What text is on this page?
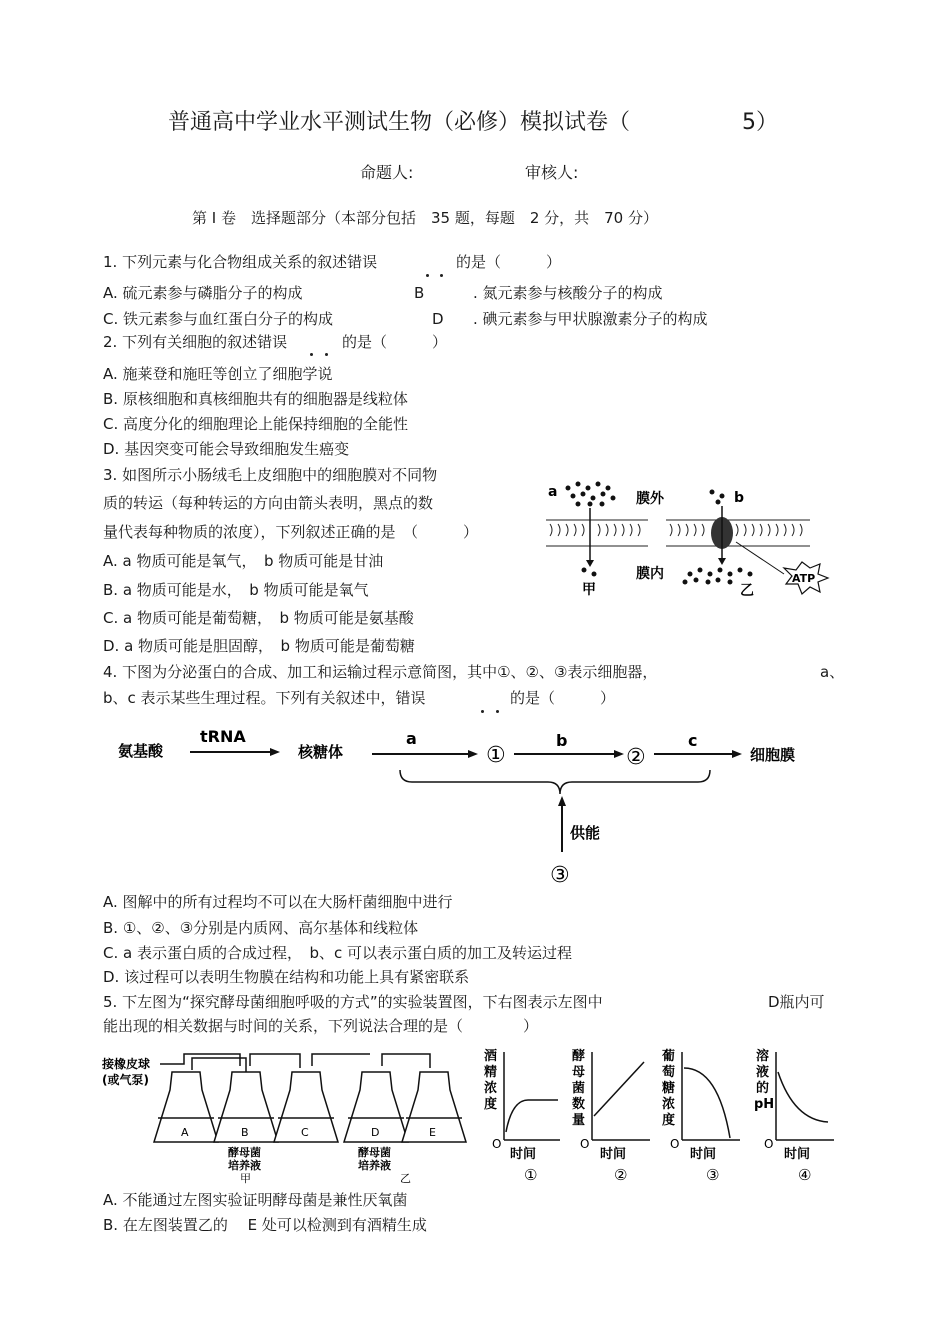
普通高中学业水平测试生物（必修）模拟试卷（	5）
命题人:	审核人:
第 Ⅰ 卷　选择题部分（本部分包括　35 题，每题　2 分，共　70 分）
1. 下列元素与化合物组成关系的叙述错误	的是（　　　）
A. 硫元素参与磷脂分子的构成	B	. 氮元素参与核酸分子的构成
C. 铁元素参与血红蛋白分子的构成	D . 碘元素参与甲状腺激素分子的构成
2. 下列有关细胞的叙述错误	的是（　　　）
A. 施莱登和施旺等创立了细胞学说
B. 原核细胞和真核细胞共有的细胞器是线粒体
C. 高度分化的细胞理论上能保持细胞的全能性
D. 基因突变可能会导致细胞发生癌变
3. 如图所示小肠绒毛上皮细胞中的细胞膜对不同物
质的转运（每种转运的方向由箭头表明，黑点的数
量代表每种物质的浓度），下列叙述正确的是　（　　　）
A. a 物质可能是氧气，　b 物质可能是甘油
B. a 物质可能是水，　b 物质可能是氧气
C. a 物质可能是葡萄糖，　b 物质可能是氨基酸
D. a 物质可能是胆固醇，　b 物质可能是葡萄糖
a	膜外	b
膜内
甲	乙
ATP
4. 下图为分泌蛋白的合成、加工和运输过程示意简图，其中①、②、③表示细胞器，	a、
b、c 表示某些生理过程。下列有关叙述中，错误	的是（　　　）
氨基酸
tRNA
核糖体
a
①
b
②
c
细胞膜
供能
③
A. 图解中的所有过程均不可以在大肠杆菌细胞中进行
B. ①、②、③分别是内质网、高尔基体和线粒体
C. a 表示蛋白质的合成过程，　b、c 可以表示蛋白质的加工及转运过程
D. 该过程可以表明生物膜在结构和功能上具有紧密联系
5. 下左图为“探究酵母菌细胞呼吸的方式”的实验装置图，下右图表示左图中	D瓶内可
能出现的相关数据与时间的关系，下列说法合理的是（　　　　）
接橡皮球
(或气泵)
A	B	C	D	E
酵母菌
培养液
甲
酵母菌
培养液
乙
酒
精
浓
度
O
时间
①
酵
母
菌
数
量
O
时间
②
葡
萄
糖
浓
度
O
时间
③
溶
液
的
pH
O
时间
④
A. 不能通过左图实验证明酵母菌是兼性厌氧菌
B. 在左图装置乙的　 E 处可以检测到有酒精生成
